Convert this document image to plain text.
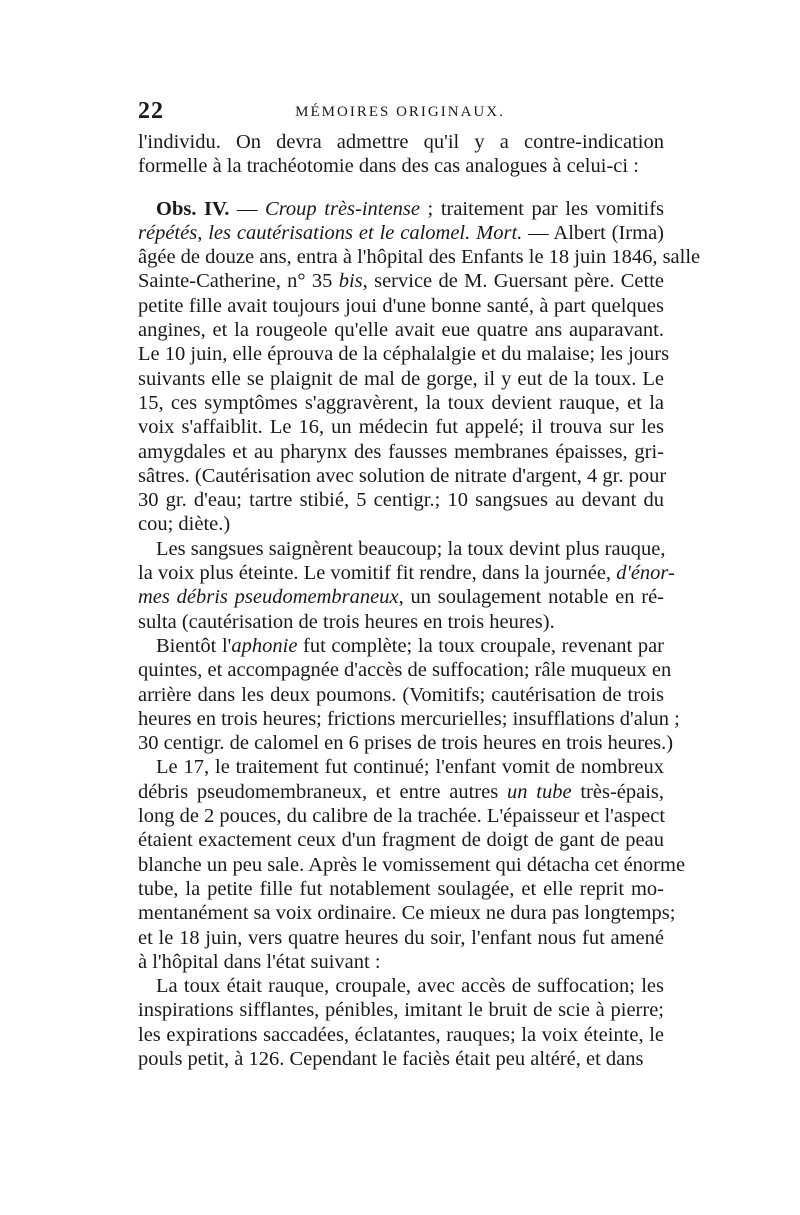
22	MÉMOIRES ORIGINAUX.
l'individu. On devra admettre qu'il y a contre-indication
formelle à la trachéotomie dans des cas analogues à celui-ci :
Obs. IV. — Croup très-intense ; traitement par les vomitifs
répétés, les cautérisations et le calomel. Mort. — Albert (Irma)
âgée de douze ans, entra à l'hôpital des Enfants le 18 juin 1846, salle
Sainte-Catherine, n° 35 bis, service de M. Guersant père. Cette
petite fille avait toujours joui d'une bonne santé, à part quelques
angines, et la rougeole qu'elle avait eue quatre ans auparavant.
Le 10 juin, elle éprouva de la céphalalgie et du malaise; les jours
suivants elle se plaignit de mal de gorge, il y eut de la toux. Le
15, ces symptômes s'aggravèrent, la toux devient rauque, et la
voix s'affaiblit. Le 16, un médecin fut appelé; il trouva sur les
amygdales et au pharynx des fausses membranes épaisses, gri-
sâtres. (Cautérisation avec solution de nitrate d'argent, 4 gr. pour
30 gr. d'eau; tartre stibié, 5 centigr.; 10 sangsues au devant du
cou; diète.)
Les sangsues saignèrent beaucoup; la toux devint plus rauque,
la voix plus éteinte. Le vomitif fit rendre, dans la journée, d'énor-
mes débris pseudomembraneux, un soulagement notable en ré-
sulta (cautérisation de trois heures en trois heures).
Bientôt l'aphonie fut complète; la toux croupale, revenant par
quintes, et accompagnée d'accès de suffocation; râle muqueux en
arrière dans les deux poumons. (Vomitifs; cautérisation de trois
heures en trois heures; frictions mercurielles; insufflations d'alun ;
30 centigr. de calomel en 6 prises de trois heures en trois heures.)
Le 17, le traitement fut continué; l'enfant vomit de nombreux
débris pseudomembraneux, et entre autres un tube très-épais,
long de 2 pouces, du calibre de la trachée. L'épaisseur et l'aspect
étaient exactement ceux d'un fragment de doigt de gant de peau
blanche un peu sale. Après le vomissement qui détacha cet énorme
tube, la petite fille fut notablement soulagée, et elle reprit mo-
mentanément sa voix ordinaire. Ce mieux ne dura pas longtemps;
et le 18 juin, vers quatre heures du soir, l'enfant nous fut amené
à l'hôpital dans l'état suivant :
La toux était rauque, croupale, avec accès de suffocation; les
inspirations sifflantes, pénibles, imitant le bruit de scie à pierre;
les expirations saccadées, éclatantes, rauques; la voix éteinte, le
pouls petit, à 126. Cependant le faciès était peu altéré, et dans
